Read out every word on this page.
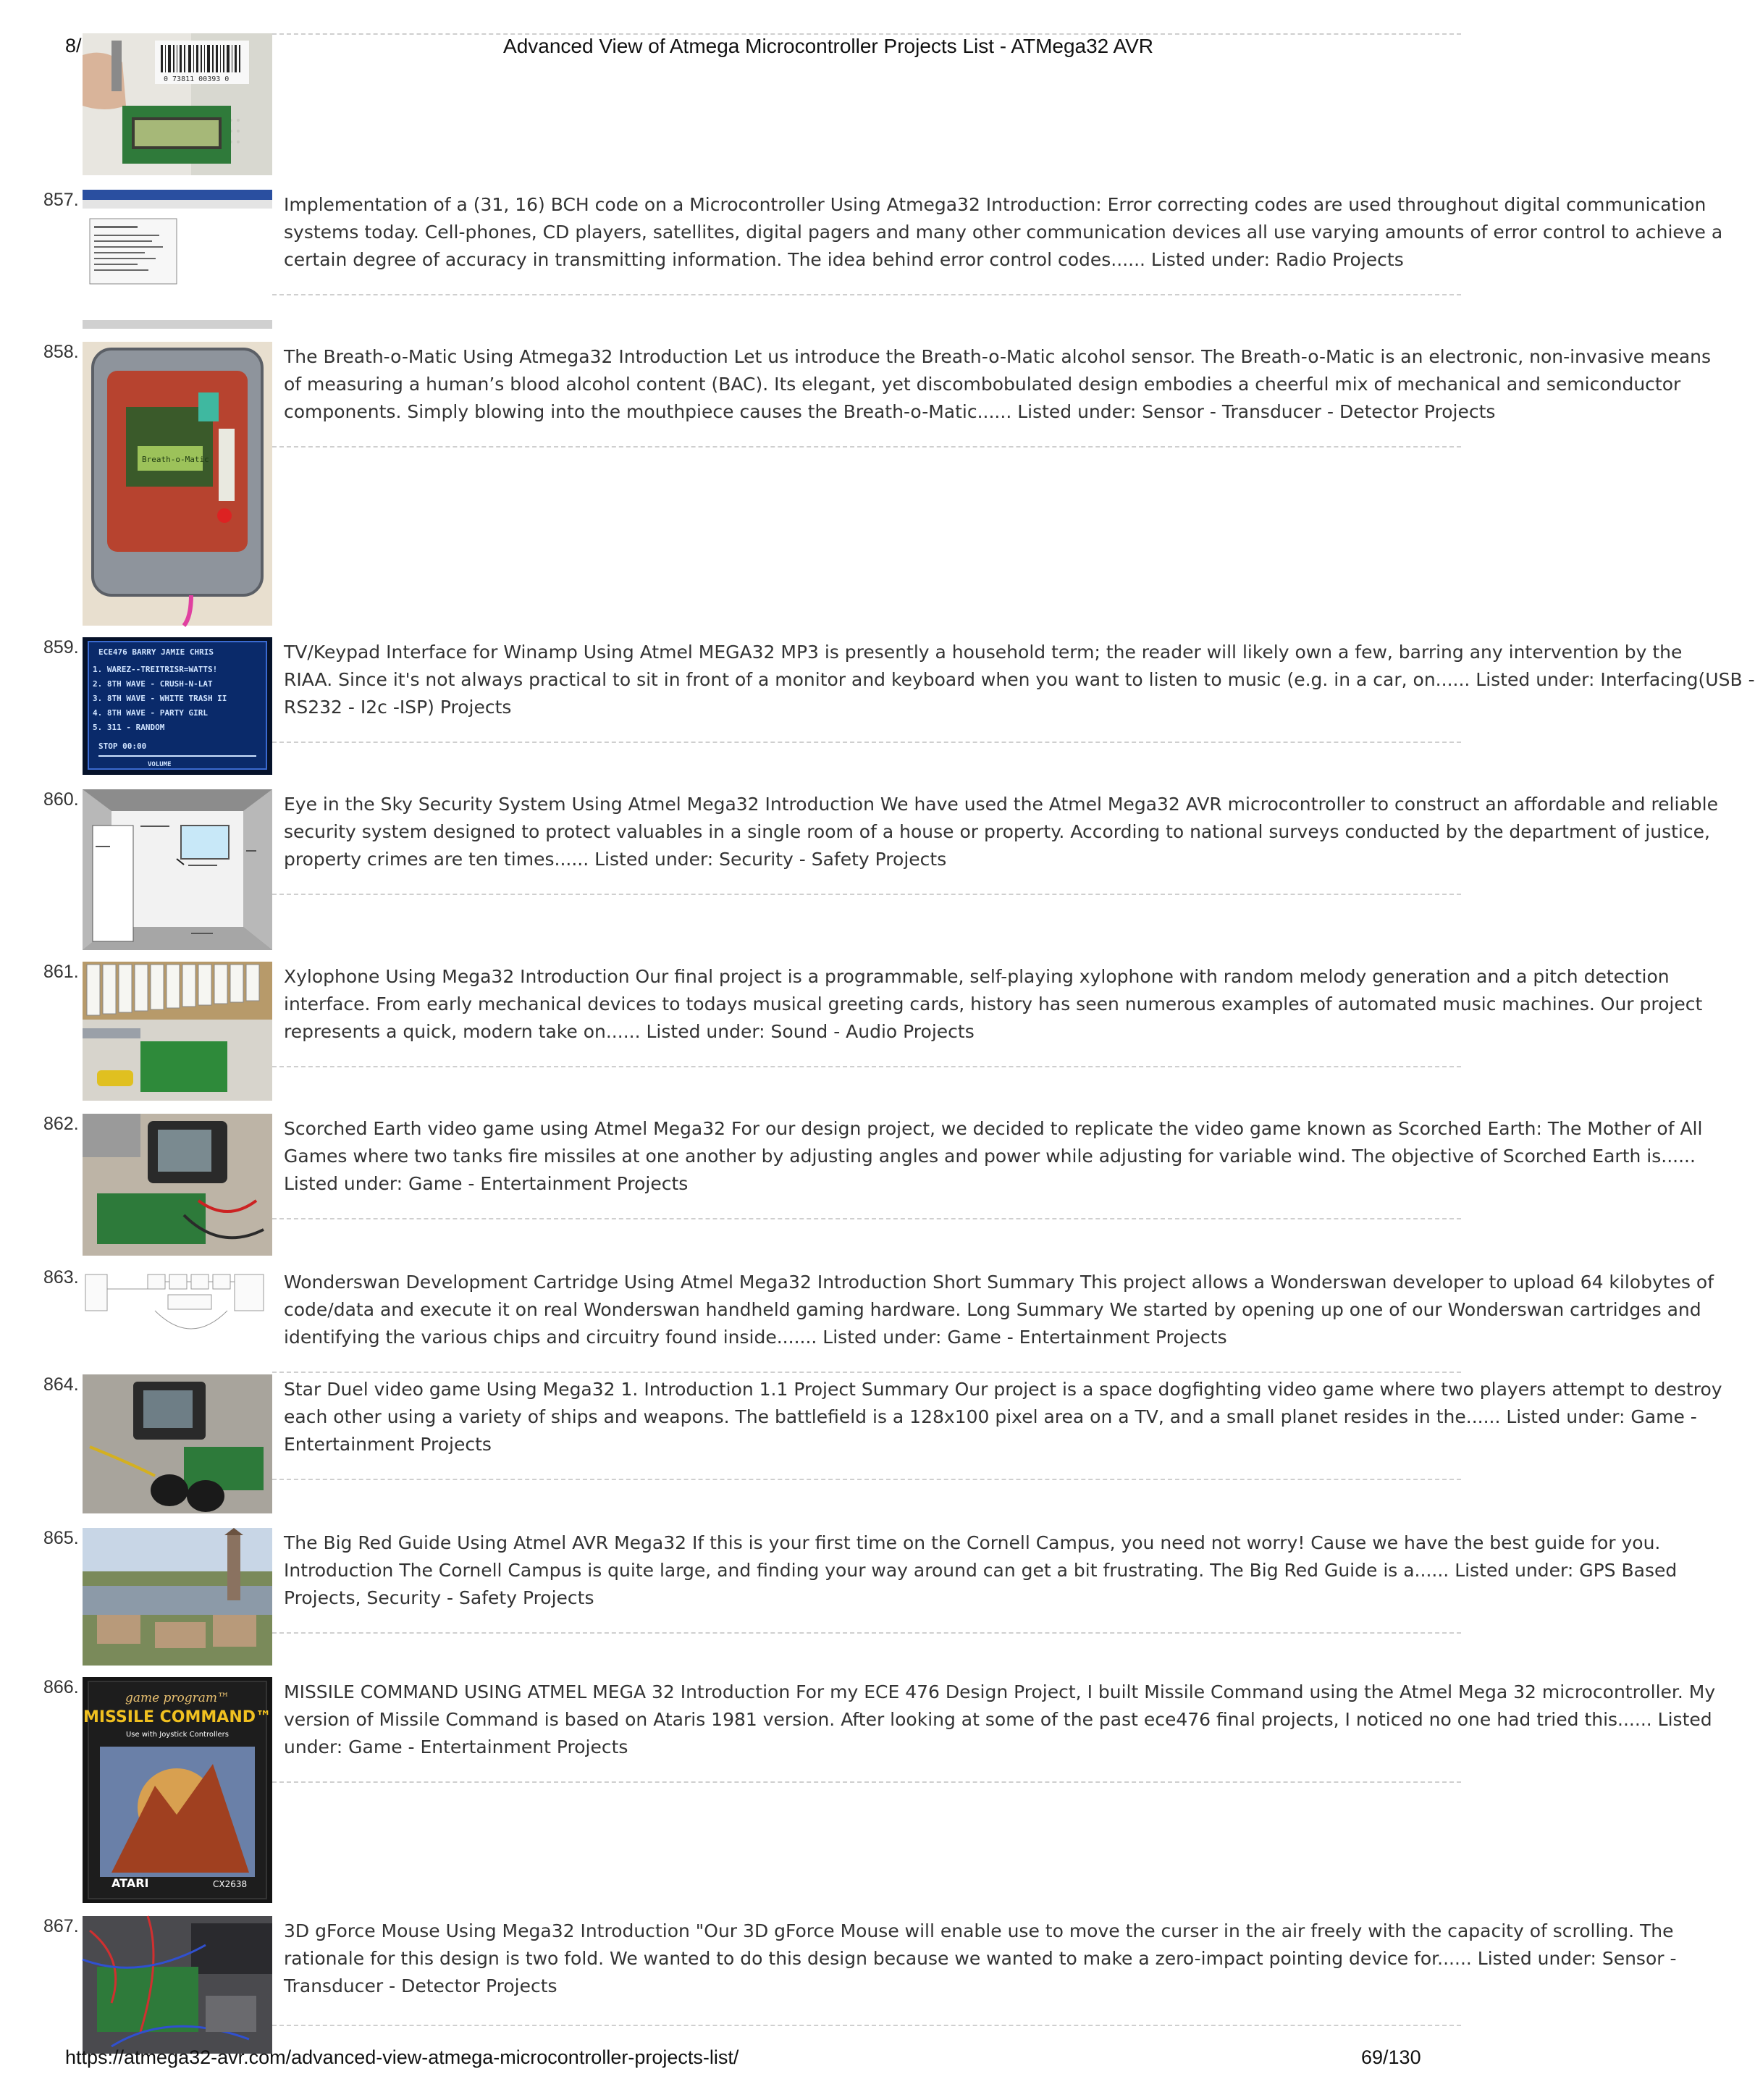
8/	Advanced View of Atmega Microcontroller Projects List - ATMega32 AVR
0 73811 00393 0
857.	Implementation of a (31, 16) BCH code on a Microcontroller Using Atmega32 Introduction: Error correcting codes are used throughout digital communication
systems today. Cell-phones, CD players, satellites, digital pagers and many other communication devices all use varying amounts of error control to achieve a
certain degree of accuracy in transmitting information. The idea behind error control codes...... Listed under: Radio Projects
858.
Breath-o-Matic
The Breath-o-Matic Using Atmega32 Introduction Let us introduce the Breath-o-Matic alcohol sensor. The Breath-o-Matic is an electronic, non-invasive means
of measuring a human’s blood alcohol content (BAC). Its elegant, yet discombobulated design embodies a cheerful mix of mechanical and semiconductor
components. Simply blowing into the mouthpiece causes the Breath-o-Matic...... Listed under: Sensor - Transducer - Detector Projects
859. ECE476 BARRY JAMIE CHRIS
1. WAREZ--TREITRISR=WATTS!
2. 8TH WAVE - CRUSH-N-LAT
3. 8TH WAVE - WHITE TRASH II
4. 8TH WAVE - PARTY GIRL
5. 311 - RANDOM
STOP 00:00
VOLUME
TV/Keypad Interface for Winamp Using Atmel MEGA32 MP3 is presently a household term; the reader will likely own a few, barring any intervention by the
RIAA. Since it's not always practical to sit in front of a monitor and keyboard when you want to listen to music (e.g. in a car, on...... Listed under: Interfacing(USB -
RS232 - I2c -ISP) Projects
860.	Eye in the Sky Security System Using Atmel Mega32 Introduction We have used the Atmel Mega32 AVR microcontroller to construct an affordable and reliable
security system designed to protect valuables in a single room of a house or property. According to national surveys conducted by the department of justice,
property crimes are ten times...... Listed under: Security - Safety Projects
861.	Xylophone Using Mega32 Introduction Our final project is a programmable, self-playing xylophone with random melody generation and a pitch detection
interface. From early mechanical devices to todays musical greeting cards, history has seen numerous examples of automated music machines. Our project
represents a quick, modern take on...... Listed under: Sound - Audio Projects
862.	Scorched Earth video game using Atmel Mega32 For our design project, we decided to replicate the video game known as Scorched Earth: The Mother of All
Games where two tanks fire missiles at one another by adjusting angles and power while adjusting for variable wind. The objective of Scorched Earth is......
Listed under: Game - Entertainment Projects
863.	Wonderswan Development Cartridge Using Atmel Mega32 Introduction Short Summary This project allows a Wonderswan developer to upload 64 kilobytes of
code/data and execute it on real Wonderswan handheld gaming hardware. Long Summary We started by opening up one of our Wonderswan cartridges and
identifying the various chips and circuitry found inside....... Listed under: Game - Entertainment Projects
864.	Star Duel video game Using Mega32 1. Introduction 1.1 Project Summary Our project is a space dogfighting video game where two players attempt to destroy
each other using a variety of ships and weapons. The battlefield is a 128x100 pixel area on a TV, and a small planet resides in the...... Listed under: Game -
Entertainment Projects
865.	The Big Red Guide Using Atmel AVR Mega32 If this is your first time on the Cornell Campus, you need not worry! Cause we have the best guide for you.
Introduction The Cornell Campus is quite large, and finding your way around can get a bit frustrating. The Big Red Guide is a...... Listed under: GPS Based
Projects, Security - Safety Projects
866.
game program™
MISSILE COMMAND™
Use with Joystick Controllers
ATARI	CX2638
MISSILE COMMAND USING ATMEL MEGA 32 Introduction For my ECE 476 Design Project, I built Missile Command using the Atmel Mega 32 microcontroller. My
version of Missile Command is based on Ataris 1981 version. After looking at some of the past ece476 final projects, I noticed no one had tried this...... Listed
under: Game - Entertainment Projects
867.	3D gForce Mouse Using Mega32 Introduction "Our 3D gForce Mouse will enable use to move the curser in the air freely with the capacity of scrolling. The
rationale for this design is two fold. We wanted to do this design because we wanted to make a zero-impact pointing device for...... Listed under: Sensor -
Transducer - Detector Projects
https://atmega32-avr.com/advanced-view-atmega-microcontroller-projects-list/	69/130
